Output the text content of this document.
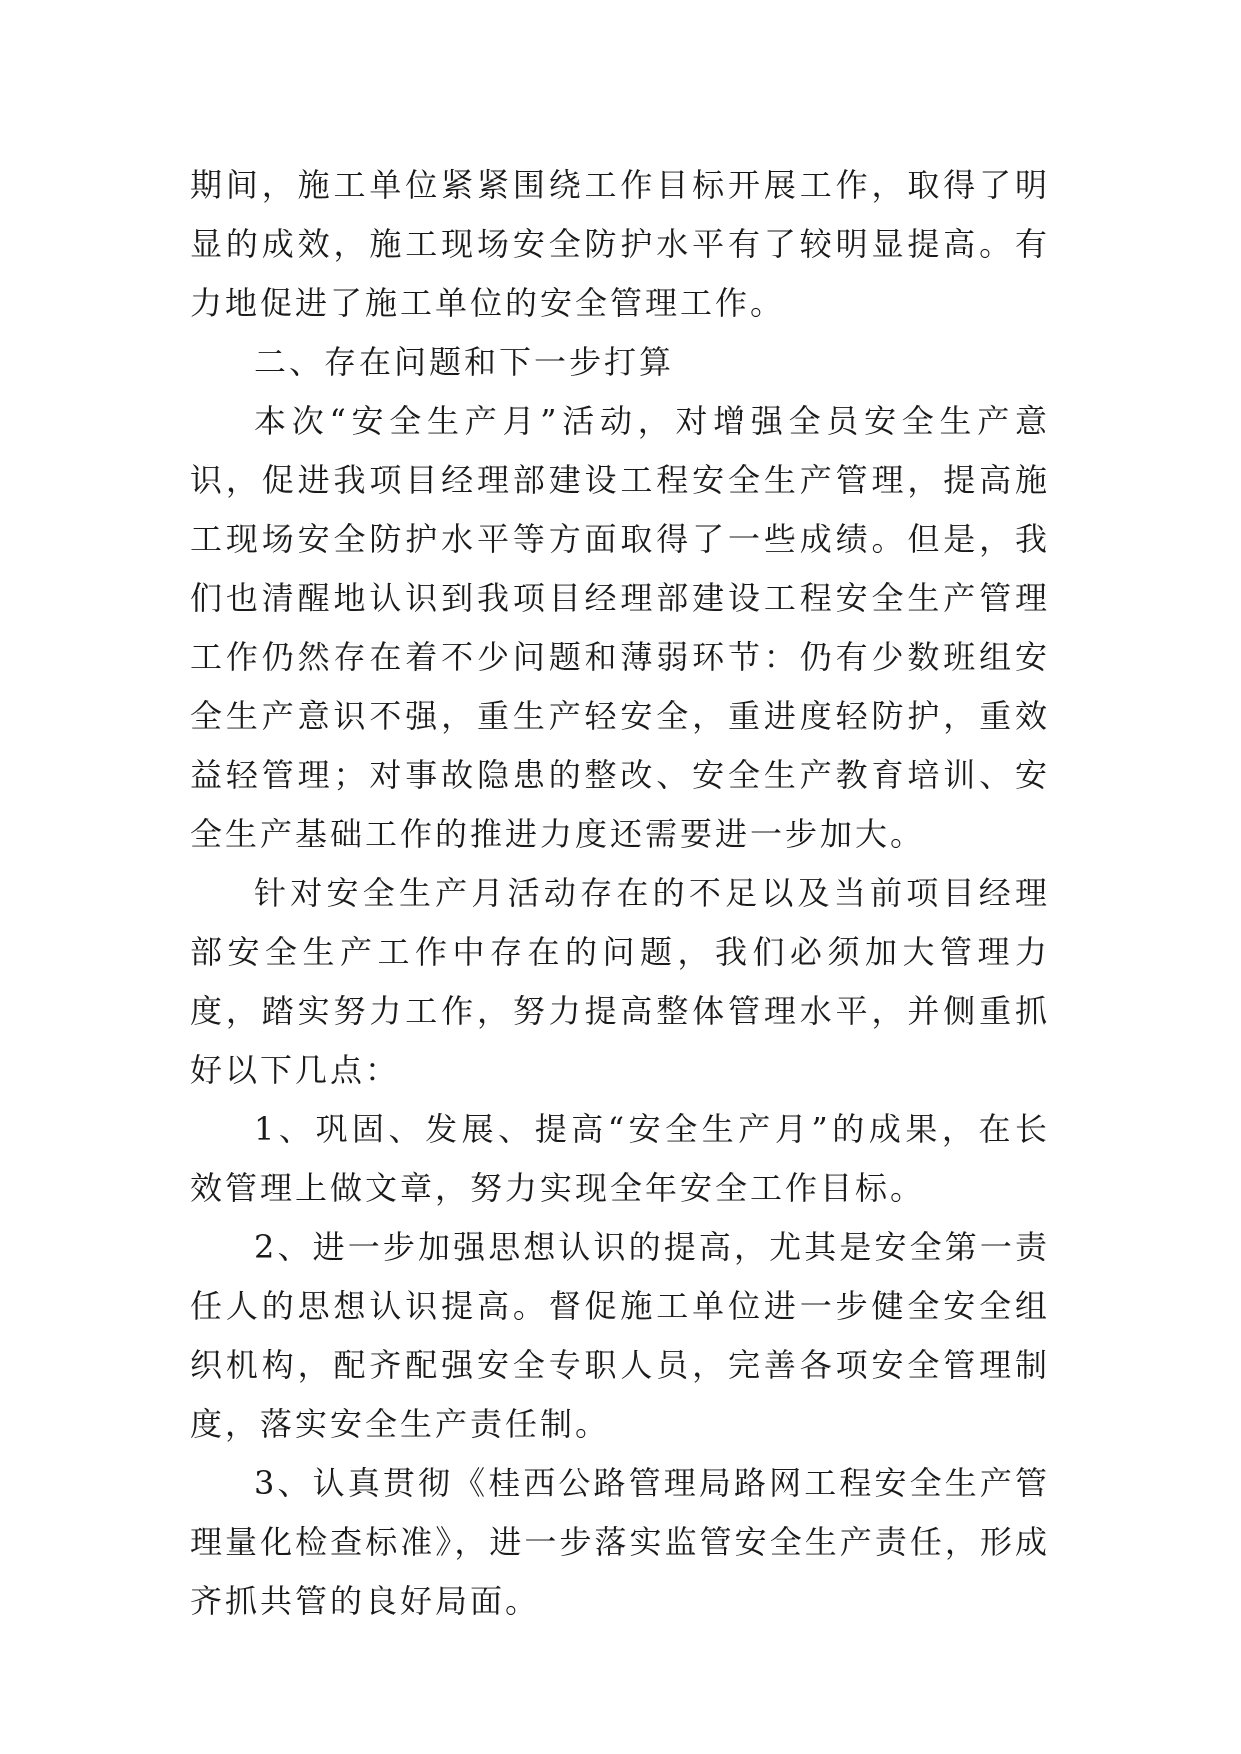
期间，施工单位紧紧围绕工作目标开展工作，取得了明显的成效，施工现场安全防护水平有了较明显提高。有力地促进了施工单位的安全管理工作。

二、存在问题和下一步打算

本次“安全生产月”活动，对增强全员安全生产意识，促进我项目经理部建设工程安全生产管理，提高施工现场安全防护水平等方面取得了一些成绩。但是，我们也清醒地认识到我项目经理部建设工程安全生产管理工作仍然存在着不少问题和薄弱环节：仍有少数班组安全生产意识不强，重生产轻安全，重进度轻防护，重效益轻管理；对事故隐患的整改、安全生产教育培训、安全生产基础工作的推进力度还需要进一步加大。

针对安全生产月活动存在的不足以及当前项目经理部安全生产工作中存在的问题，我们必须加大管理力度，踏实努力工作，努力提高整体管理水平，并侧重抓好以下几点：

1、巩固、发展、提高“安全生产月”的成果，在长效管理上做文章，努力实现全年安全工作目标。

2、进一步加强思想认识的提高，尤其是安全第一责任人的思想认识提高。督促施工单位进一步健全安全组织机构，配齐配强安全专职人员，完善各项安全管理制度，落实安全生产责任制。

3、认真贯彻《桂西公路管理局路网工程安全生产管理量化检查标准》，进一步落实监管安全生产责任，形成齐抓共管的良好局面。
